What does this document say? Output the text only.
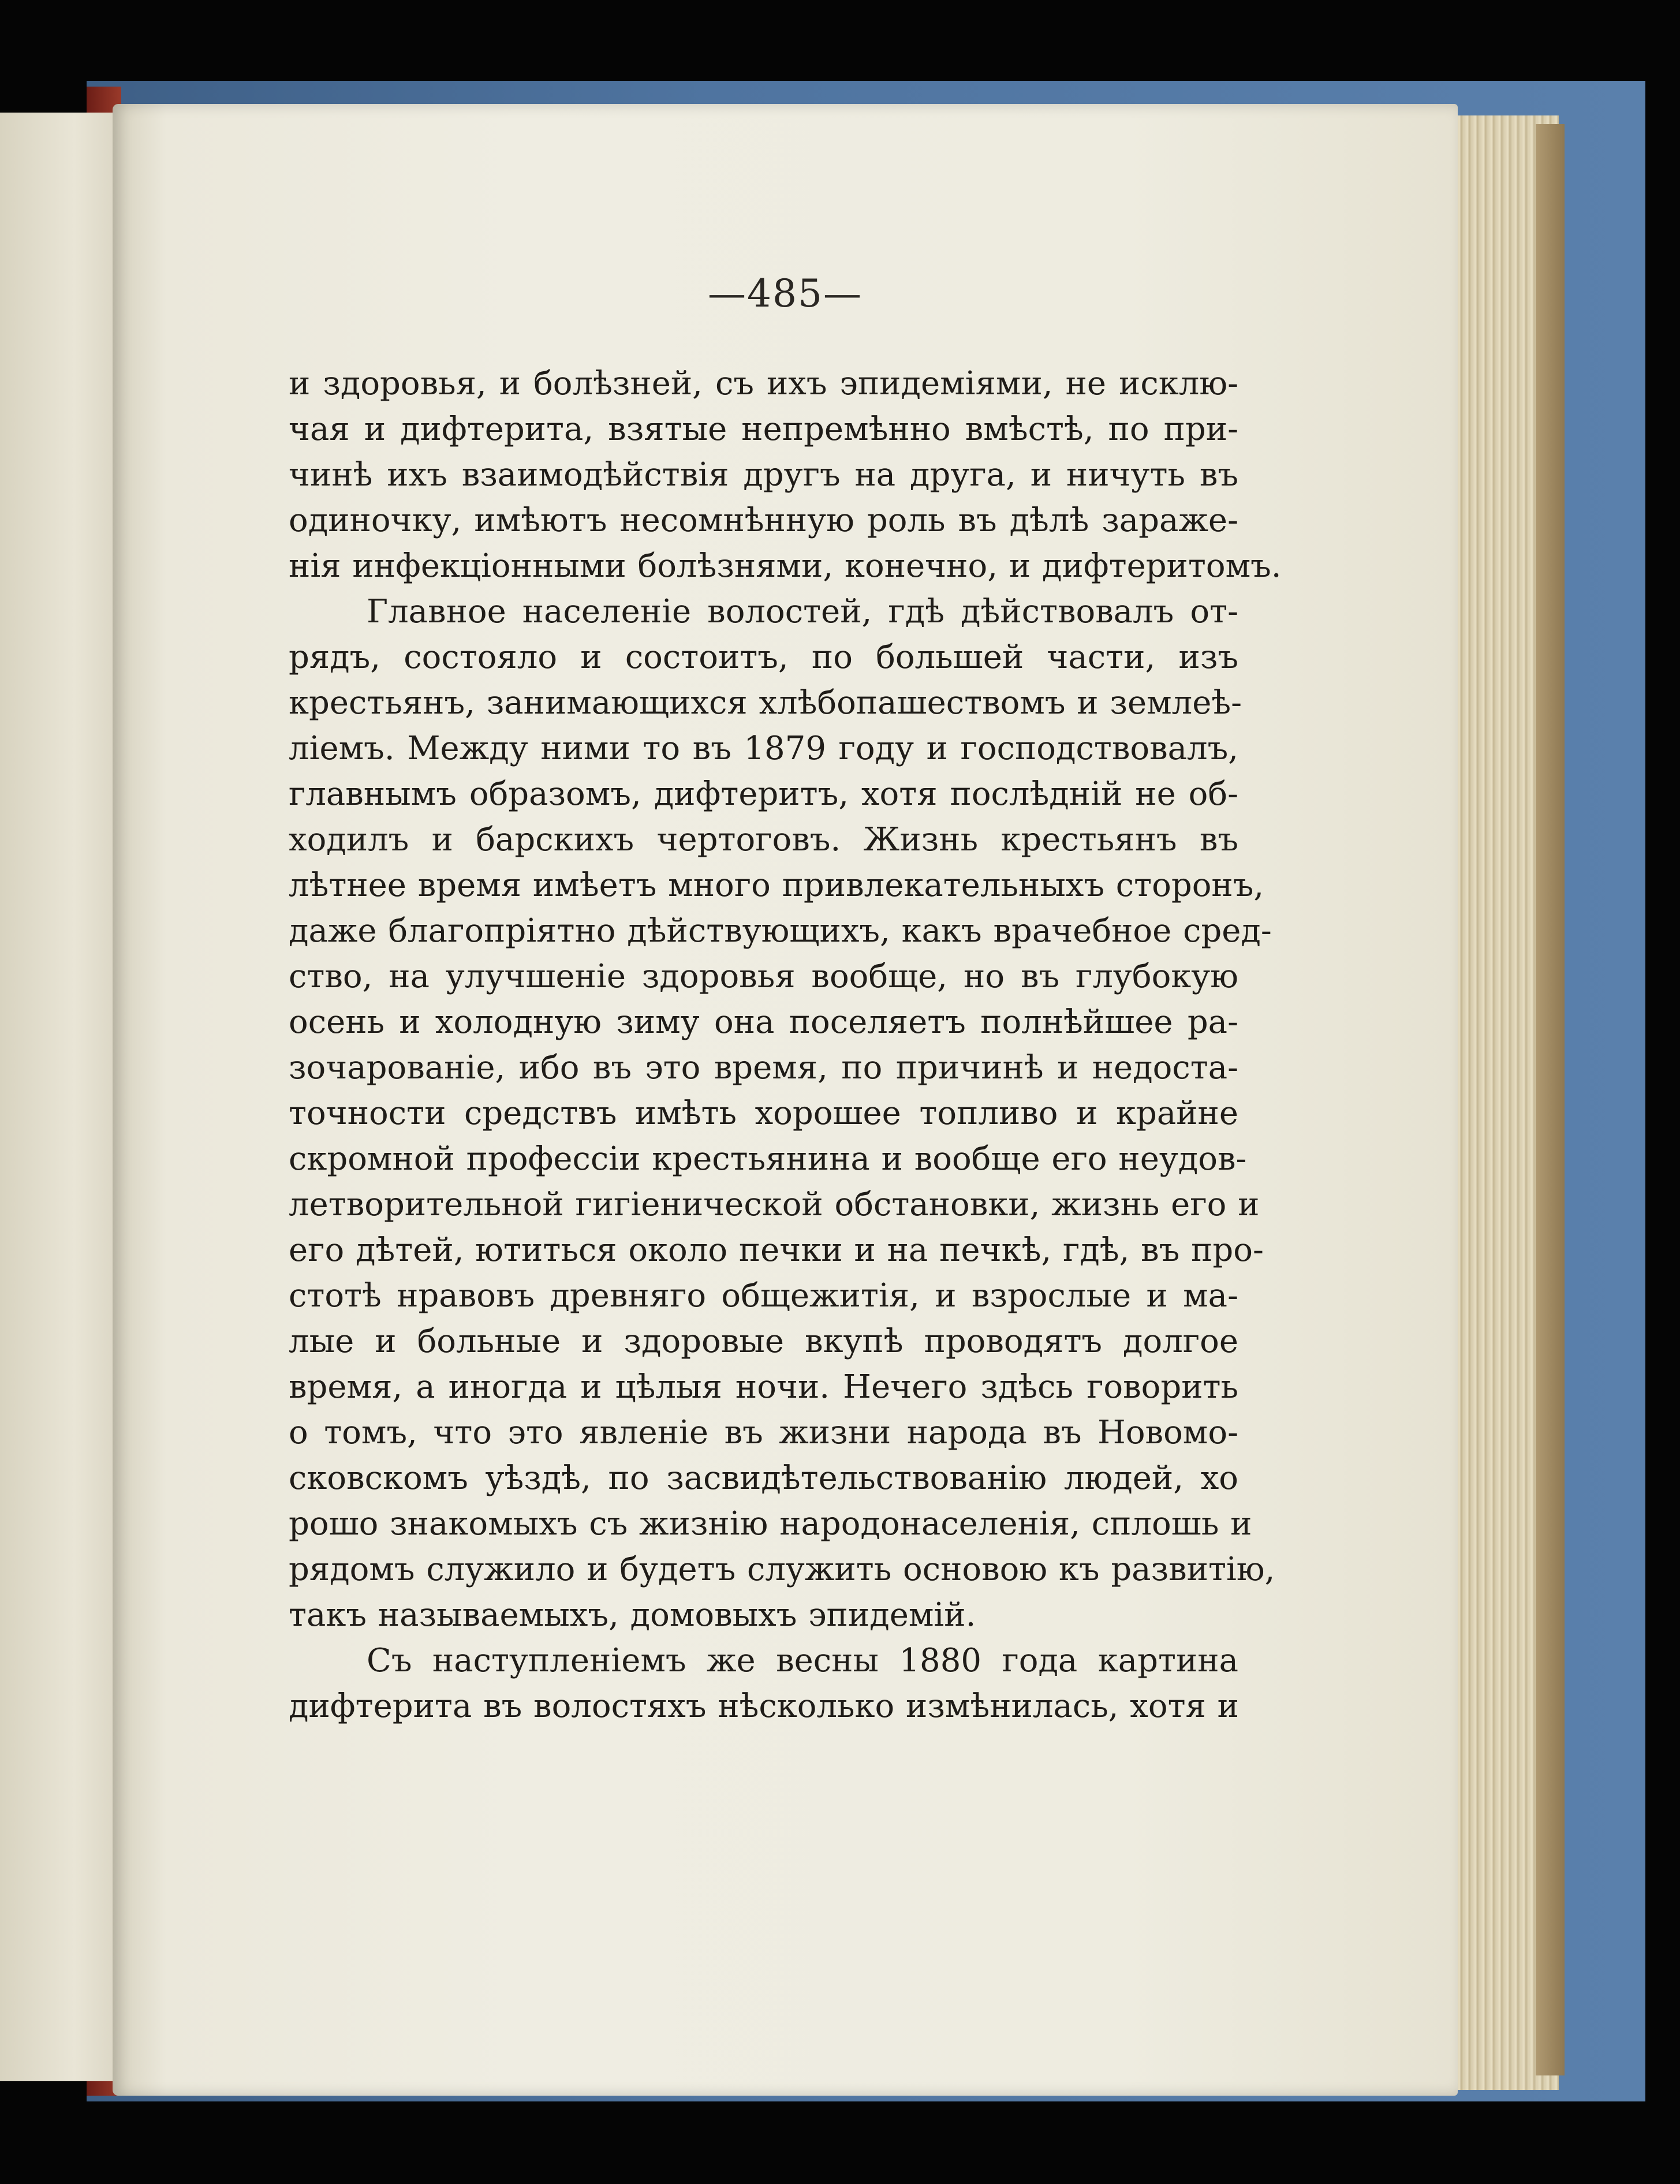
—485—
и здоровья, и болѣзней, съ ихъ эпидеміями, не исклю-
чая и дифтерита, взятые непремѣнно вмѣстѣ, по при-
чинѣ ихъ взаимодѣйствія другъ на друга, и ничуть въ
одиночку, имѣютъ несомнѣнную роль въ дѣлѣ зараже-
нія инфекціонными болѣзнями, конечно, и дифтеритомъ.
Главное населеніе волостей, гдѣ дѣйствовалъ от-
рядъ, состояло и состоитъ, по большей части, изъ
крестьянъ, занимающихся хлѣбопашествомъ и землеѣ-
ліемъ. Между ними то въ 1879 году и господствовалъ,
главнымъ образомъ, дифтеритъ, хотя послѣдній не об-
ходилъ и барскихъ чертоговъ. Жизнь крестьянъ въ
лѣтнее время имѣетъ много привлекательныхъ сторонъ,
даже благопріятно дѣйствующихъ, какъ врачебное сред-
ство, на улучшеніе здоровья вообще, но въ глубокую
осень и холодную зиму она поселяетъ полнѣйшее ра-
зочарованіе, ибо въ это время, по причинѣ и недоста-
точности средствъ имѣть хорошее топливо и крайне
скромной профессіи крестьянина и вообще его неудов-
летворительной гигіенической обстановки, жизнь его и
его дѣтей, ютиться около печки и на печкѣ, гдѣ, въ про-
стотѣ нравовъ древняго общежитія, и взрослые и ма-
лые и больные и здоровые вкупѣ проводятъ долгое
время, а иногда и цѣлыя ночи. Нечего здѣсь говорить
о томъ, что это явленіе въ жизни народа въ Новомо-
сковскомъ уѣздѣ, по засвидѣтельствованію людей, хо
рошо знакомыхъ съ жизнію народонаселенія, сплошь и
рядомъ служило и будетъ служить основою къ развитію,
такъ называемыхъ, домовыхъ эпидемій.
Съ наступленіемъ же весны 1880 года картина
дифтерита въ волостяхъ нѣсколько измѣнилась, хотя и
